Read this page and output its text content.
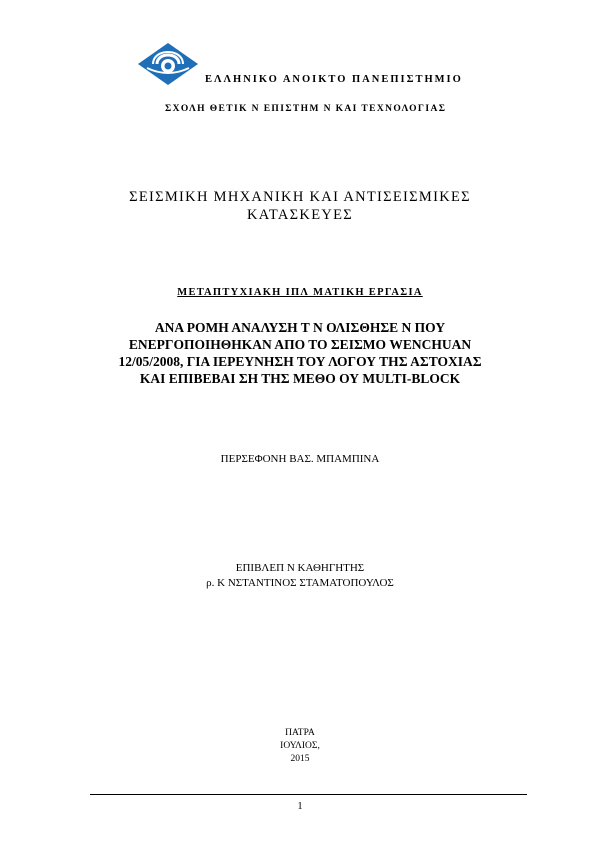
ΕΛΛΗΝΙΚΟ ΑΝΟΙΚΤΟ ΠΑΝΕΠΙΣΤΗΜΙΟ
ΣΧΟΛΗ ΘΕΤΙΚ Ν ΕΠΙΣΤΗΜ Ν ΚΑΙ ΤΕΧΝΟΛΟΓΙΑΣ
ΣΕΙΣΜΙΚΗ ΜΗΧΑΝΙΚΗ ΚΑΙ ΑΝΤΙΣΕΙΣΜΙΚΕΣ
ΚΑΤΑΣΚΕΥΕΣ
ΜΕΤΑΠΤΥΧΙΑΚΗ ΙΠΛ ΜΑΤΙΚΗ ΕΡΓΑΣΙΑ
ΑΝΑ ΡΟΜΗ ΑΝΑΛΥΣΗ Τ Ν ΟΛΙΣΘΗΣΕ Ν ΠΟΥ
ΕΝΕΡΓΟΠΟΙΗΘΗΚΑΝ ΑΠΟ ΤΟ ΣΕΙΣΜΟ WENCHUAN
12/05/2008, ΓΙΑ ΙΕΡΕΥΝΗΣΗ ΤΟΥ ΛΟΓΟΥ ΤΗΣ ΑΣΤΟΧΙΑΣ
ΚΑΙ ΕΠΙΒΕΒΑΙ ΣΗ ΤΗΣ ΜΕΘΟ ΟΥ MULTI-BLOCK
ΠΕΡΣΕΦΟΝΗ ΒΑΣ. ΜΠΑΜΠΙΝΑ
ΕΠΙΒΛΕΠ Ν ΚΑΘΗΓΗΤΗΣ
ρ. Κ ΝΣΤΑΝΤΙΝΟΣ ΣΤΑΜΑΤΟΠΟΥΛΟΣ
ΠΑΤΡΑ
ΙΟΥΛΙΟΣ,
2015
1
